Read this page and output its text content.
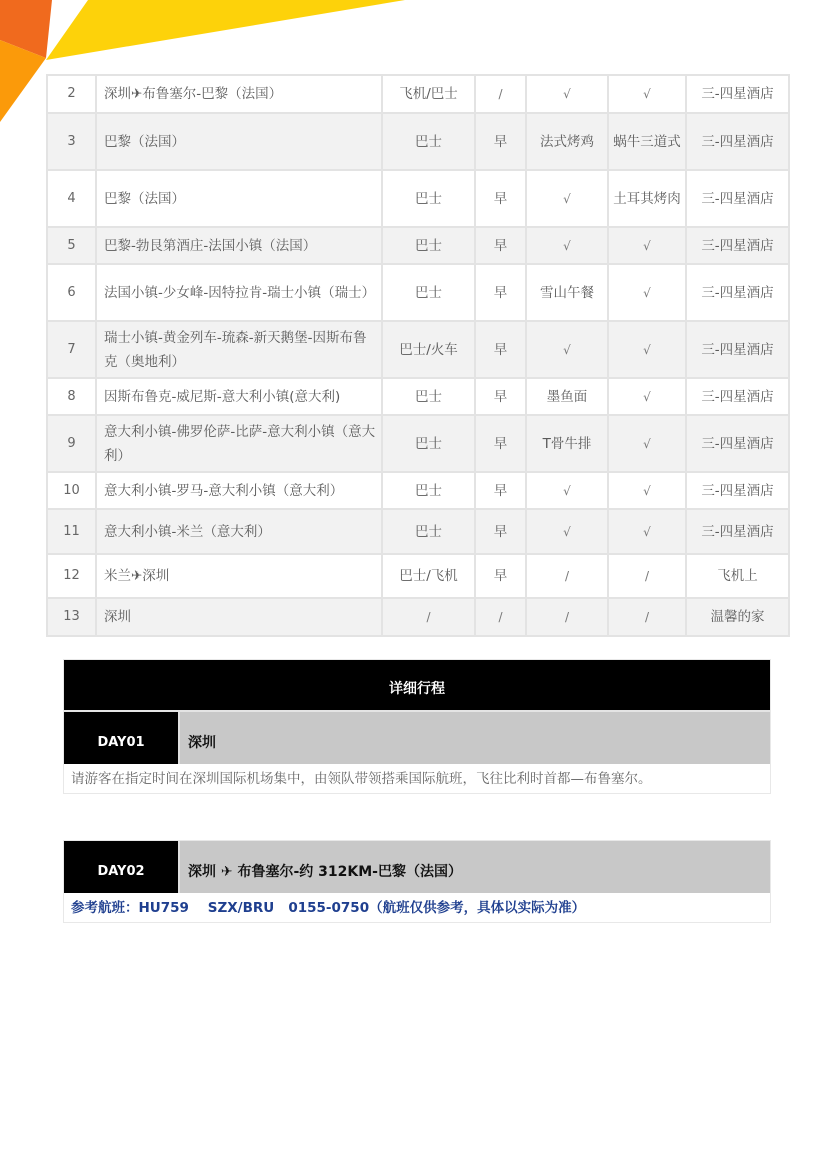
2	深圳✈布鲁塞尔-巴黎（法国）	飞机/巴士	/	√	√	三-四星酒店
3	巴黎（法国）	巴士	早	法式烤鸡	蜗牛三道式	三-四星酒店
4	巴黎（法国）	巴士	早	√	土耳其烤肉	三-四星酒店
5	巴黎-勃艮第酒庄-法国小镇（法国）	巴士	早	√	√	三-四星酒店
6	法国小镇-少女峰-因特拉肯-瑞士小镇（瑞士）	巴士	早	雪山午餐	√	三-四星酒店
7	瑞士小镇-黄金列车-琉森-新天鹅堡-因斯布鲁克（奥地利）	巴士/火车	早	√	√	三-四星酒店
8	因斯布鲁克-威尼斯-意大利小镇(意大利)	巴士	早	墨鱼面	√	三-四星酒店
9	意大利小镇-佛罗伦萨-比萨-意大利小镇（意大利）	巴士	早	T骨牛排	√	三-四星酒店
10	意大利小镇-罗马-意大利小镇（意大利）	巴士	早	√	√	三-四星酒店
11	意大利小镇-米兰（意大利）	巴士	早	√	√	三-四星酒店
12	米兰✈深圳	巴士/飞机	早	/	/	飞机上
13	深圳	/	/	/	/	温馨的家
详细行程
DAY01	深圳
请游客在指定时间在深圳国际机场集中，由领队带领搭乘国际航班，飞往比利时首都—布鲁塞尔。
DAY02	深圳 ✈ 布鲁塞尔-约 312KM-巴黎（法国）
参考航班：HU759    SZX/BRU   0155-0750（航班仅供参考，具体以实际为准）
